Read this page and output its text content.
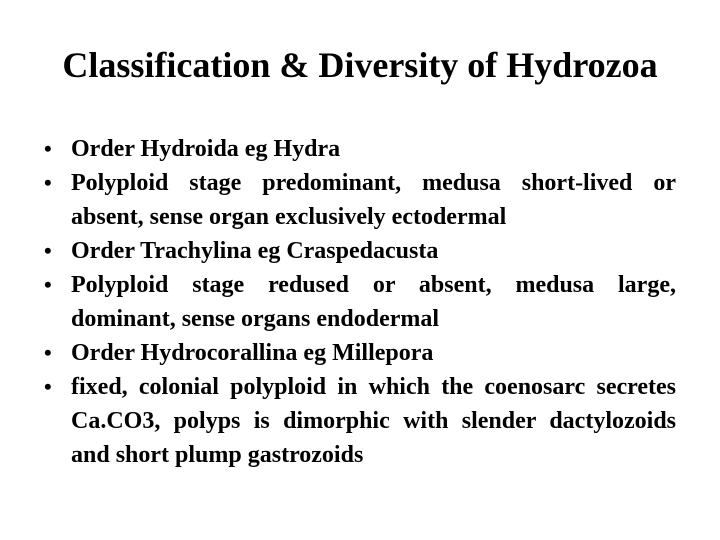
Classification & Diversity of Hydrozoa
• Order Hydroida eg Hydra
• Polyploid stage predominant, medusa short-lived or absent, sense organ exclusively ectodermal
• Order Trachylina eg Craspedacusta
• Polyploid stage redused or absent, medusa large, dominant, sense organs endodermal
• Order Hydrocorallina eg Millepora
• fixed, colonial polyploid in which the coenosarc secretes Ca.CO3, polyps is dimorphic with slender dactylozoids and short plump gastrozoids
